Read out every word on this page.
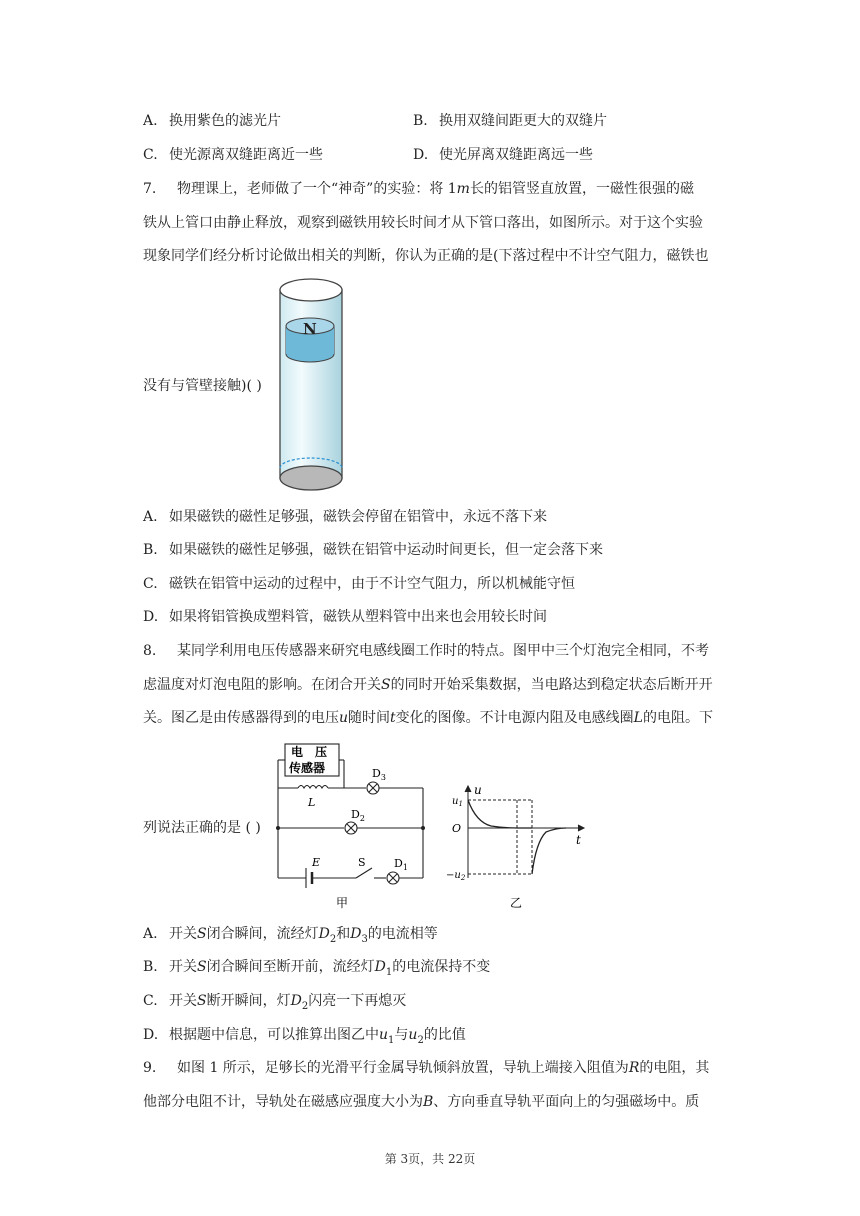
A. 换用紫色的滤光片	B. 换用双缝间距更大的双缝片
C. 使光源离双缝距离近一些	D. 使光屏离双缝距离远一些
7. 物理课上，老师做了一个“神奇”的实验：将 1m长的铝管竖直放置，一磁性很强的磁
铁从上管口由静止释放，观察到磁铁用较长时间才从下管口落出，如图所示。对于这个实验
现象同学们经分析讨论做出相关的判断，你认为正确的是(下落过程中不计空气阻力，磁铁也
没有与管壁接触)( )
N
A. 如果磁铁的磁性足够强，磁铁会停留在铝管中，永远不落下来
B. 如果磁铁的磁性足够强，磁铁在铝管中运动时间更长，但一定会落下来
C. 磁铁在铝管中运动的过程中，由于不计空气阻力，所以机械能守恒
D. 如果将铝管换成塑料管，磁铁从塑料管中出来也会用较长时间
8. 某同学利用电压传感器来研究电感线圈工作时的特点。图甲中三个灯泡完全相同，不考
虑温度对灯泡电阻的影响。在闭合开关S的同时开始采集数据，当电路达到稳定状态后断开开
关。图乙是由传感器得到的电压u随时间t变化的图像。不计电源内阻及电感线圈L的电阻。下
列说法正确的是 ( )
电　压
传感器
L
$D_3$
$D_2$
$D_1$
E	S
甲
u
$u_1$
O
$-u_2$
t
乙
A. 开关S闭合瞬间，流经灯$D_2$和$D_3$的电流相等
B. 开关S闭合瞬间至断开前，流经灯$D_1$的电流保持不变
C. 开关S断开瞬间，灯$D_2$闪亮一下再熄灭
D. 根据题中信息，可以推算出图乙中$u_1$与$u_2$的比值
9. 如图 1 所示，足够长的光滑平行金属导轨倾斜放置，导轨上端接入阻值为R的电阻，其
他部分电阻不计，导轨处在磁感应强度大小为B、方向垂直导轨平面向上的匀强磁场中。质
第 3页，共 22页
